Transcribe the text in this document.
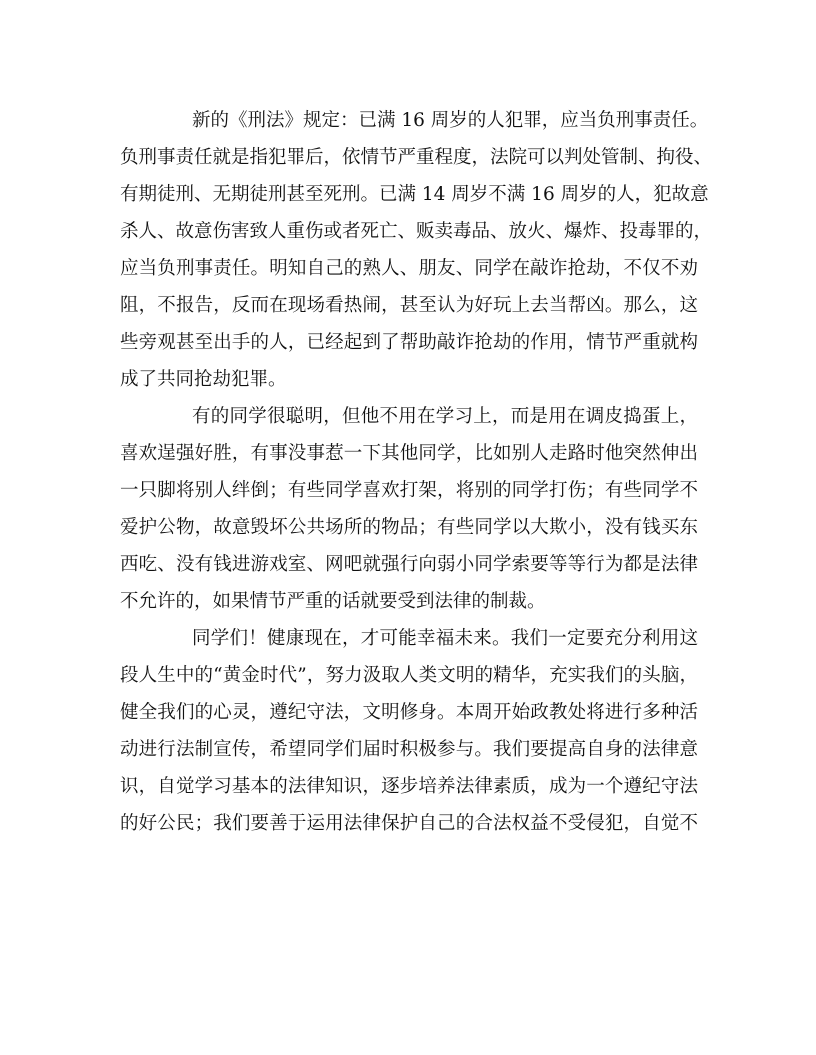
新的《刑法》规定：已满 16 周岁的人犯罪，应当负刑事责任。
负刑事责任就是指犯罪后，依情节严重程度，法院可以判处管制、拘役、
有期徒刑、无期徒刑甚至死刑。已满 14 周岁不满 16 周岁的人，犯故意
杀人、故意伤害致人重伤或者死亡、贩卖毒品、放火、爆炸、投毒罪的，
应当负刑事责任。明知自己的熟人、朋友、同学在敲诈抢劫，不仅不劝
阻，不报告，反而在现场看热闹，甚至认为好玩上去当帮凶。那么，这
些旁观甚至出手的人，已经起到了帮助敲诈抢劫的作用，情节严重就构
成了共同抢劫犯罪。
有的同学很聪明，但他不用在学习上，而是用在调皮捣蛋上，
喜欢逞强好胜，有事没事惹一下其他同学，比如别人走路时他突然伸出
一只脚将别人绊倒；有些同学喜欢打架，将别的同学打伤；有些同学不
爱护公物，故意毁坏公共场所的物品；有些同学以大欺小，没有钱买东
西吃、没有钱进游戏室、网吧就强行向弱小同学索要等等行为都是法律
不允许的，如果情节严重的话就要受到法律的制裁。
同学们！健康现在，才可能幸福未来。我们一定要充分利用这
段人生中的“黄金时代”，努力汲取人类文明的精华，充实我们的头脑，
健全我们的心灵，遵纪守法，文明修身。本周开始政教处将进行多种活
动进行法制宣传，希望同学们届时积极参与。我们要提高自身的法律意
识，自觉学习基本的法律知识，逐步培养法律素质，成为一个遵纪守法
的好公民；我们要善于运用法律保护自己的合法权益不受侵犯，自觉不
